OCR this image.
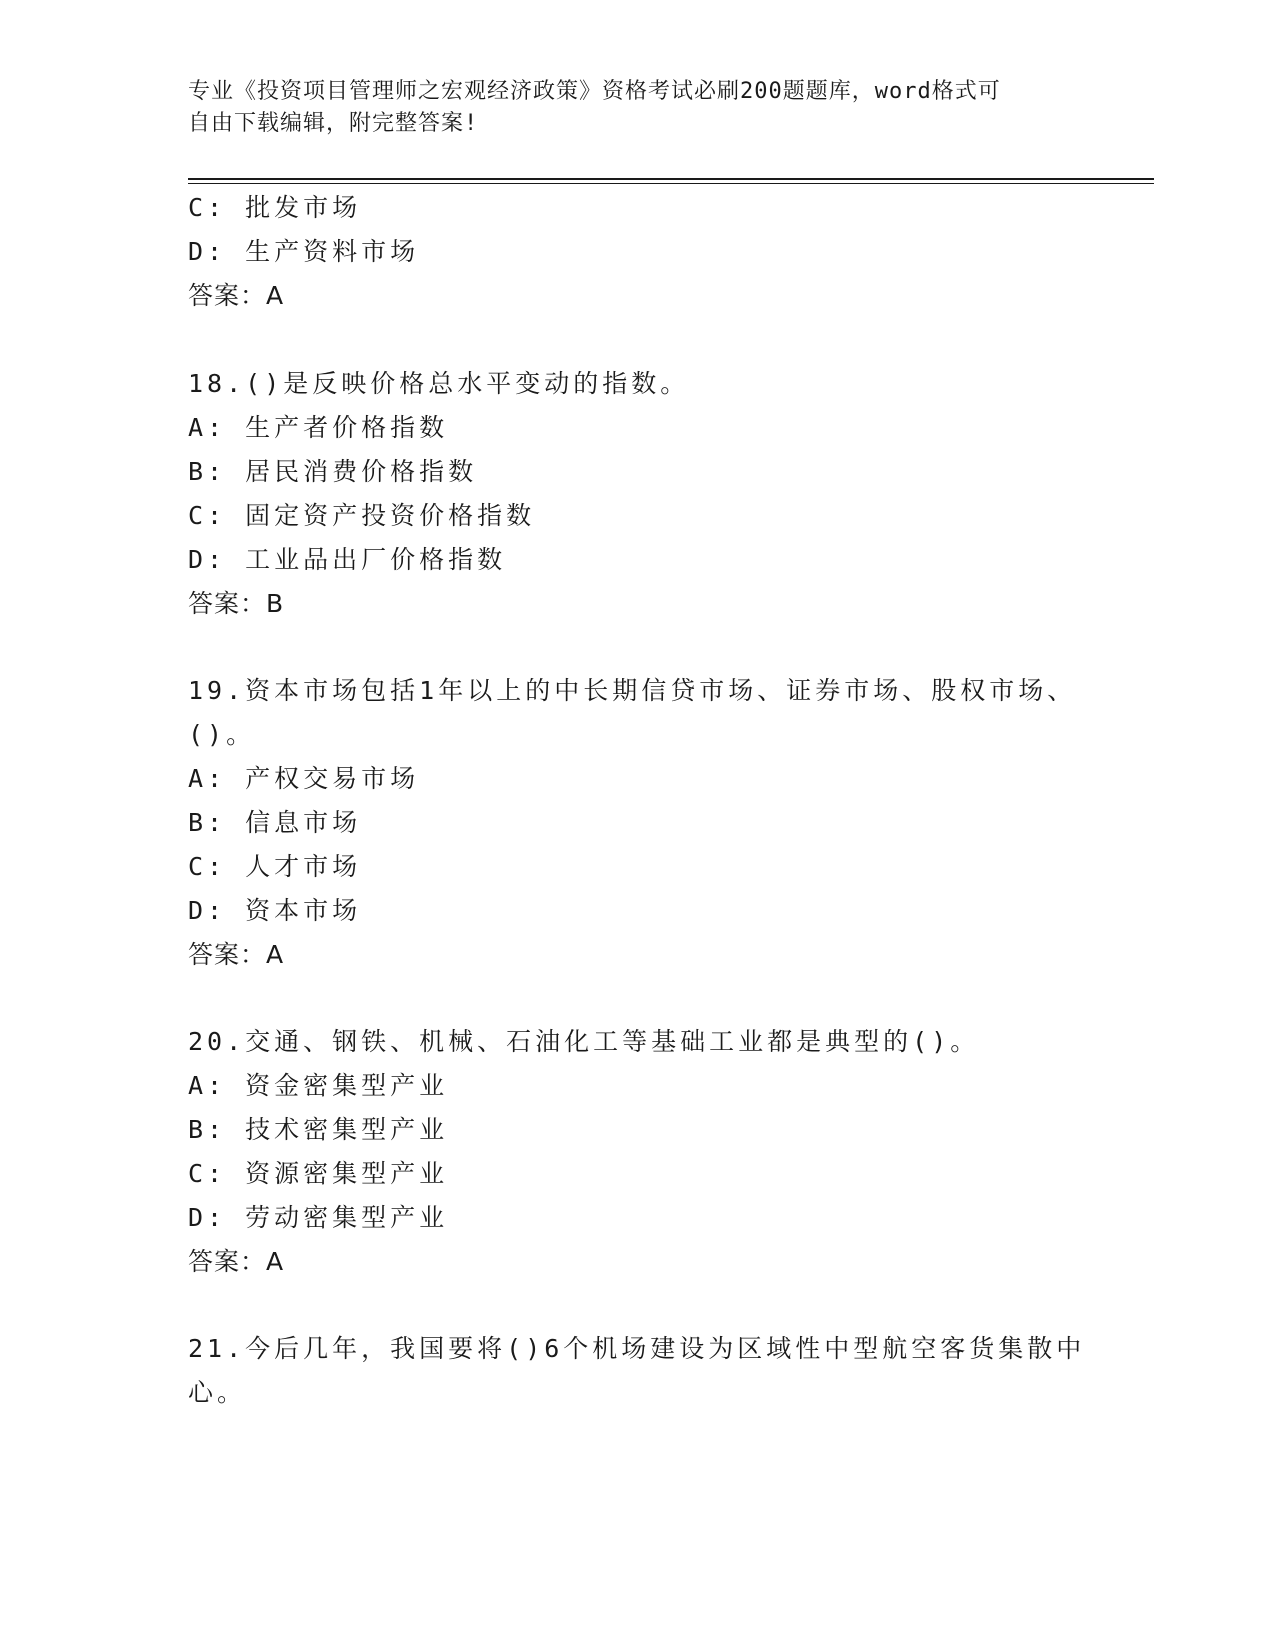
专业《投资项目管理师之宏观经济政策》资格考试必刷200题题库，word格式可
自由下载编辑，附完整答案!
C: 批发市场
D: 生产资料市场
答案：A
18.()是反映价格总水平变动的指数。
A: 生产者价格指数
B: 居民消费价格指数
C: 固定资产投资价格指数
D: 工业品出厂价格指数
答案：B
19.资本市场包括1年以上的中长期信贷市场、证券市场、股权市场、
()。
A: 产权交易市场
B: 信息市场
C: 人才市场
D: 资本市场
答案：A
20.交通、钢铁、机械、石油化工等基础工业都是典型的()。
A: 资金密集型产业
B: 技术密集型产业
C: 资源密集型产业
D: 劳动密集型产业
答案：A
21.今后几年，我国要将()6个机场建设为区域性中型航空客货集散中
心。
